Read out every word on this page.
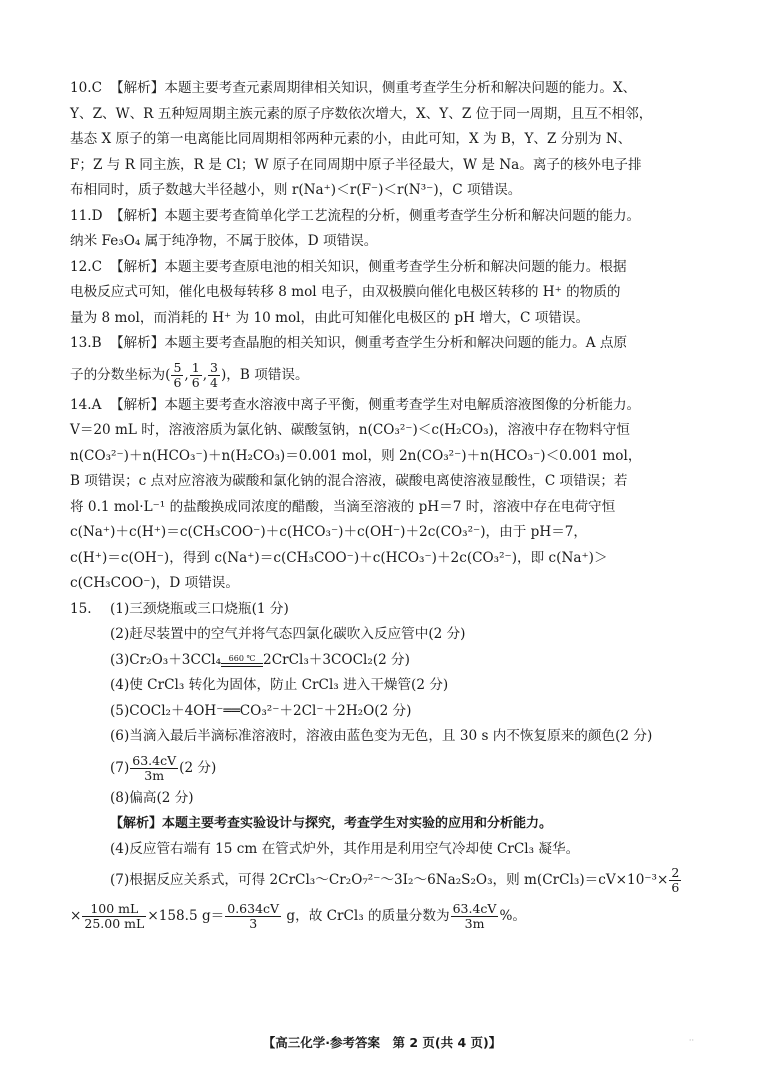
10.C 【解析】本题主要考查元素周期律相关知识，侧重考查学生分析和解决问题的能力。X、
Y、Z、W、R 五种短周期主族元素的原子序数依次增大，X、Y、Z 位于同一周期，且互不相邻，
基态 X 原子的第一电离能比同周期相邻两种元素的小，由此可知，X 为 B，Y、Z 分别为 N、
F；Z 与 R 同主族，R 是 Cl；W 原子在同周期中原子半径最大，W 是 Na。离子的核外电子排
布相同时，质子数越大半径越小，则 r(Na⁺)＜r(F⁻)＜r(N³⁻)，C 项错误。
11.D 【解析】本题主要考查简单化学工艺流程的分析，侧重考查学生分析和解决问题的能力。
纳米 Fe₃O₄ 属于纯净物，不属于胶体，D 项错误。
12.C 【解析】本题主要考查原电池的相关知识，侧重考查学生分析和解决问题的能力。根据
电极反应式可知，催化电极每转移 8 mol 电子，由双极膜向催化电极区转移的 H⁺ 的物质的
量为 8 mol，而消耗的 H⁺ 为 10 mol，由此可知催化电极区的 pH 增大，C 项错误。
13.B 【解析】本题主要考查晶胞的相关知识，侧重考查学生分析和解决问题的能力。A 点原
子的分数坐标为( $\frac{5}{6}$ , $\frac{1}{6}$ , $\frac{3}{4}$ )，B 项错误。
14.A 【解析】本题主要考查水溶液中离子平衡，侧重考查学生对电解质溶液图像的分析能力。
V＝20 mL 时，溶液溶质为氯化钠、碳酸氢钠，n(CO₃²⁻)＜c(H₂CO₃)，溶液中存在物料守恒
n(CO₃²⁻)＋n(HCO₃⁻)＋n(H₂CO₃)＝0.001 mol，则 2n(CO₃²⁻)＋n(HCO₃⁻)＜0.001 mol，
B 项错误；c 点对应溶液为碳酸和氯化钠的混合溶液，碳酸电离使溶液显酸性，C 项错误；若
将 0.1 mol·L⁻¹ 的盐酸换成同浓度的醋酸，当滴至溶液的 pH＝7 时，溶液中存在电荷守恒
c(Na⁺)＋c(H⁺)＝c(CH₃COO⁻)＋c(HCO₃⁻)＋c(OH⁻)＋2c(CO₃²⁻)，由于 pH＝7，
c(H⁺)＝c(OH⁻)，得到 c(Na⁺)＝c(CH₃COO⁻)＋c(HCO₃⁻)＋2c(CO₃²⁻)，即 c(Na⁺)＞
c(CH₃COO⁻)，D 项错误。
15. (1)三颈烧瓶或三口烧瓶(1 分)
(2)赶尽装置中的空气并将气态四氯化碳吹入反应管中(2 分)
(3)Cr₂O₃＋3CCl₄ 660 ℃ 2CrCl₃＋3COCl₂(2 分)
(4)使 CrCl₃ 转化为固体，防止 CrCl₃ 进入干燥管(2 分)
(5)COCl₂＋4OH⁻══CO₃²⁻＋2Cl⁻＋2H₂O(2 分)
(6)当滴入最后半滴标准溶液时，溶液由蓝色变为无色，且 30 s 内不恢复原来的颜色(2 分)
$(7) \frac{63.4cV}{3m} (2$ 分)
(8)偏高(2 分)
【解析】本题主要考查实验设计与探究，考查学生对实验的应用和分析能力。
(4)反应管右端有 15 cm 在管式炉外，其作用是利用空气冷却使 CrCl₃ 凝华。
(7)根据反应关系式，可得 2CrCl₃～Cr₂O₇²⁻～3I₂～6Na₂S₂O₃，则 m(CrCl₃)＝cV×10⁻³× $\frac{2}{6}$
× $\frac{100 mL}{25.00 mL} \times 158.5$ $g= \frac{0.634cV}{3}$ g，故 CrCl₃ 的质量分数为 $\frac{63.4cV}{3m}$ %。
【高三化学·参考答案　第 2 页(共 4 页)】	··
